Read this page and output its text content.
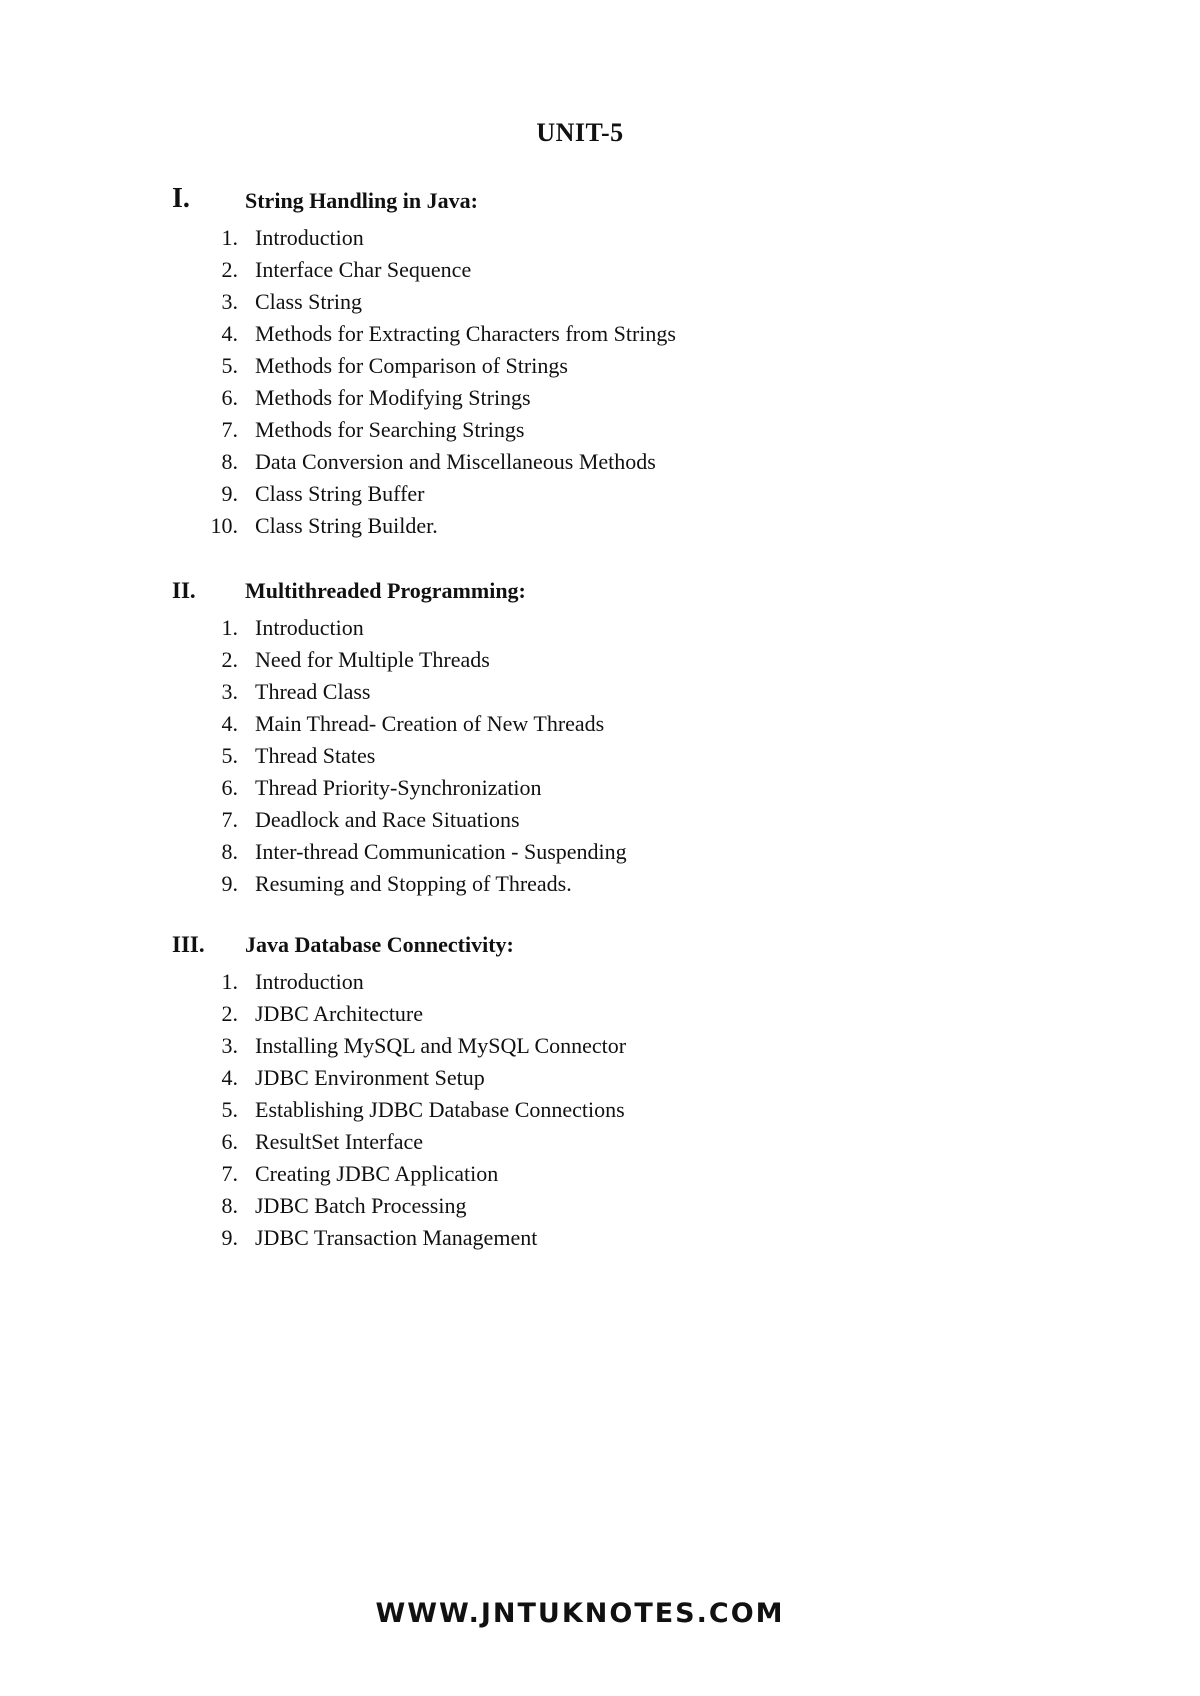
UNIT-5
I.	String Handling in Java:
1. Introduction
2. Interface Char Sequence
3. Class String
4. Methods for Extracting Characters from Strings
5. Methods for Comparison of Strings
6. Methods for Modifying Strings
7. Methods for Searching Strings
8. Data Conversion and Miscellaneous Methods
9. Class String Buffer
10. Class String Builder.
II. Multithreaded Programming:
1. Introduction
2. Need for Multiple Threads
3. Thread Class
4. Main Thread- Creation of New Threads
5. Thread States
6. Thread Priority-Synchronization
7. Deadlock and Race Situations
8. Inter-thread Communication - Suspending
9. Resuming and Stopping of Threads.
III. Java Database Connectivity:
1. Introduction
2. JDBC Architecture
3. Installing MySQL and MySQL Connector
4. JDBC Environment Setup
5. Establishing JDBC Database Connections
6. ResultSet Interface
7. Creating JDBC Application
8. JDBC Batch Processing
9. JDBC Transaction Management
WWW.JNTUKNOTES.COM
